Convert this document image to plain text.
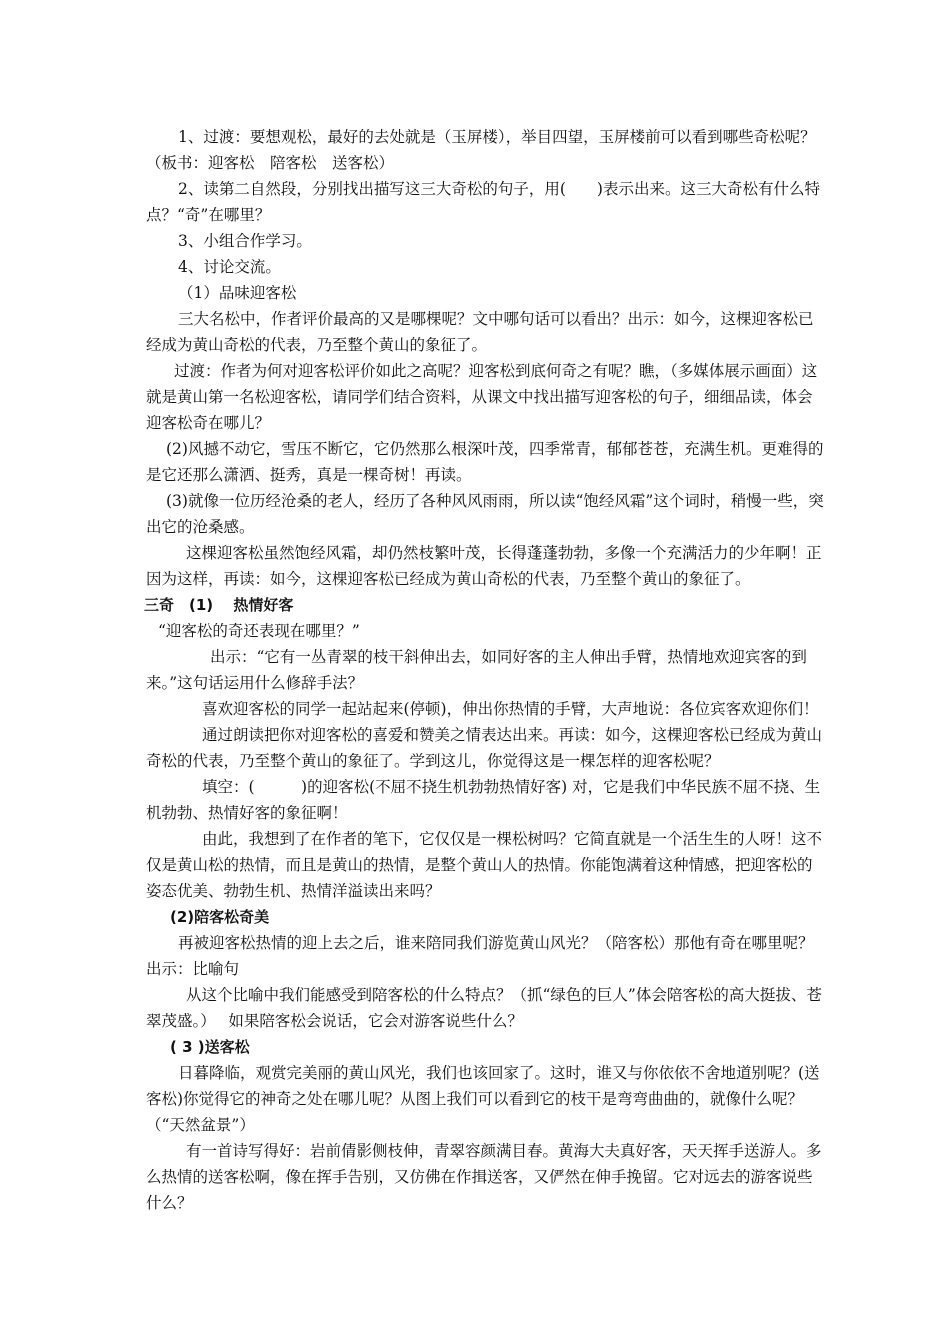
1、过渡：要想观松，最好的去处就是（玉屏楼），举目四望，玉屏楼前可以看到哪些奇松呢？（板书：迎客松　陪客松　送客松）

2、读第二自然段，分别找出描写这三大奇松的句子，用(　　)表示出来。这三大奇松有什么特点？“奇”在哪里？

3、小组合作学习。

4、讨论交流。

（1）品味迎客松

三大名松中，作者评价最高的又是哪棵呢？文中哪句话可以看出？出示：如今，这棵迎客松已经成为黄山奇松的代表，乃至整个黄山的象征了。

过渡：作者为何对迎客松评价如此之高呢？迎客松到底何奇之有呢？瞧，（多媒体展示画面）这就是黄山第一名松迎客松，请同学们结合资料，从课文中找出描写迎客松的句子，细细品读，体会迎客松奇在哪儿？

(2)风撼不动它，雪压不断它，它仍然那么根深叶茂，四季常青，郁郁苍苍，充满生机。更难得的是它还那么潇洒、挺秀，真是一棵奇树！再读。

(3)就像一位历经沧桑的老人，经历了各种风风雨雨，所以读“饱经风霜”这个词时，稍慢一些，突出它的沧桑感。

这棵迎客松虽然饱经风霜，却仍然枝繁叶茂，长得蓬蓬勃勃，多像一个充满活力的少年啊！正因为这样，再读：如今，这棵迎客松已经成为黄山奇松的代表，乃至整个黄山的象征了。

三奇　(1)　 热情好客

“迎客松的奇还表现在哪里？”

出示：“它有一丛青翠的枝干斜伸出去，如同好客的主人伸出手臂，热情地欢迎宾客的到来。”这句话运用什么修辞手法？

喜欢迎客松的同学一起站起来(停顿)，伸出你热情的手臂，大声地说：各位宾客欢迎你们！

通过朗读把你对迎客松的喜爱和赞美之情表达出来。再读：如今，这棵迎客松已经成为黄山奇松的代表，乃至整个黄山的象征了。学到这儿，你觉得这是一棵怎样的迎客松呢？

填空：(　　　)的迎客松(不屈不挠生机勃勃热情好客) 对，它是我们中华民族不屈不挠、生机勃勃、热情好客的象征啊！

由此，我想到了在作者的笔下，它仅仅是一棵松树吗？它简直就是一个活生生的人呀！这不仅是黄山松的热情，而且是黄山的热情，是整个黄山人的热情。你能饱满着这种情感，把迎客松的姿态优美、勃勃生机、热情洋溢读出来吗？

(2)陪客松奇美

再被迎客松热情的迎上去之后，谁来陪同我们游览黄山风光？（陪客松）那他有奇在哪里呢？出示：比喻句

从这个比喻中我们能感受到陪客松的什么特点？（抓“绿色的巨人”体会陪客松的高大挺拔、苍翠茂盛。）　 如果陪客松会说话，它会对游客说些什么？

( 3 )送客松

日暮降临，观赏完美丽的黄山风光，我们也该回家了。这时，谁又与你依依不舍地道别呢？(送客松)你觉得它的神奇之处在哪儿呢？从图上我们可以看到它的枝干是弯弯曲曲的，就像什么呢？（“天然盆景”）

有一首诗写得好：岩前倩影侧枝伸，青翠容颜满目春。黄海大夫真好客，天天挥手送游人。多么热情的送客松啊，像在挥手告别，又仿佛在作揖送客，又俨然在伸手挽留。它对远去的游客说些什么？
